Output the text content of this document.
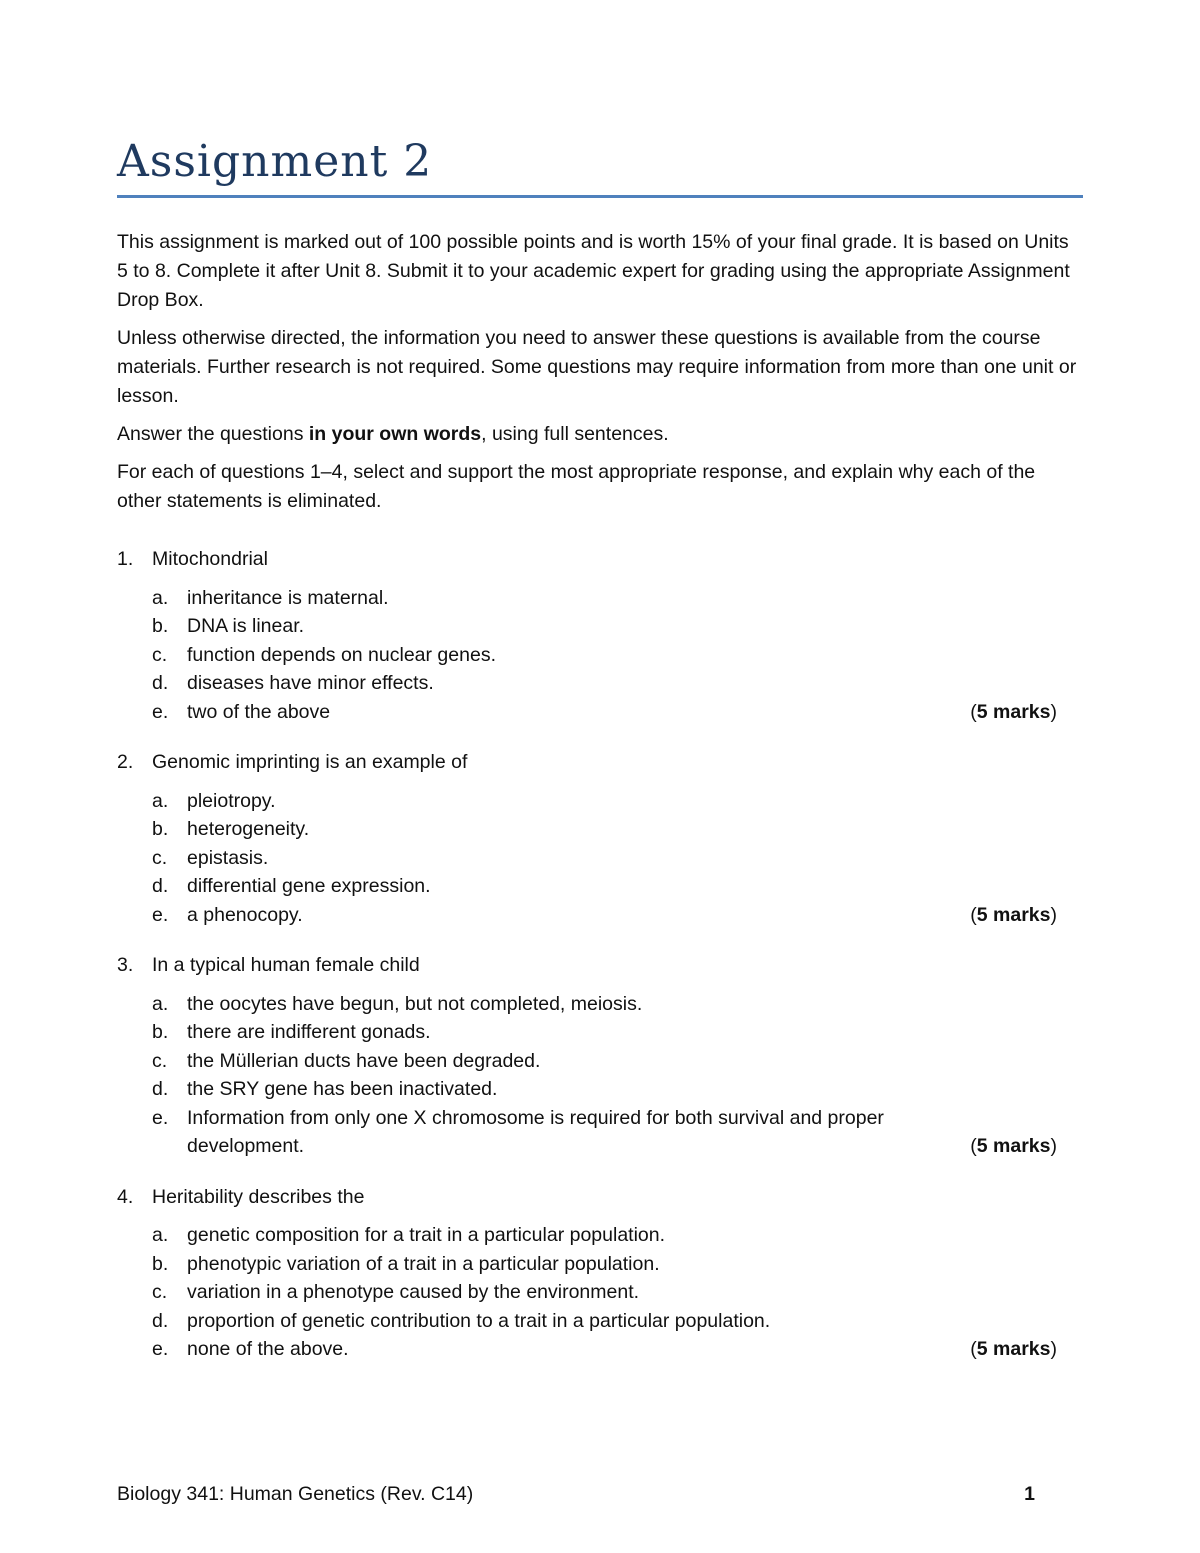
Assignment 2

This assignment is marked out of 100 possible points and is worth 15% of your final grade. It is based on Units 5 to 8. Complete it after Unit 8. Submit it to your academic expert for grading using the appropriate Assignment Drop Box.

Unless otherwise directed, the information you need to answer these questions is available from the course materials. Further research is not required. Some questions may require information from more than one unit or lesson.

Answer the questions in your own words, using full sentences.

For each of questions 1–4, select and support the most appropriate response, and explain why each of the other statements is eliminated.

1. Mitochondrial
a. inheritance is maternal.
b. DNA is linear.
c.	function depends on nuclear genes.
d. diseases have minor effects.
e. two of the above	(5 marks)
2. Genomic imprinting is an example of
a. pleiotropy.
b. heterogeneity.
c.	epistasis.
d. differential gene expression.
e. a phenocopy.	(5 marks)
3. In a typical human female child
a. the oocytes have begun, but not completed, meiosis.
b. there are indifferent gonads.
c.	the Müllerian ducts have been degraded.
d. the SRY gene has been inactivated.
e. Information from only one X chromosome is required for both survival and proper development.	(5 marks)
4. Heritability describes the
a. genetic composition for a trait in a particular population.
b. phenotypic variation of a trait in a particular population.
c.	variation in a phenotype caused by the environment.
d. proportion of genetic contribution to a trait in a particular population.
e. none of the above.	(5 marks)
Biology 341: Human Genetics (Rev. C14)	1
